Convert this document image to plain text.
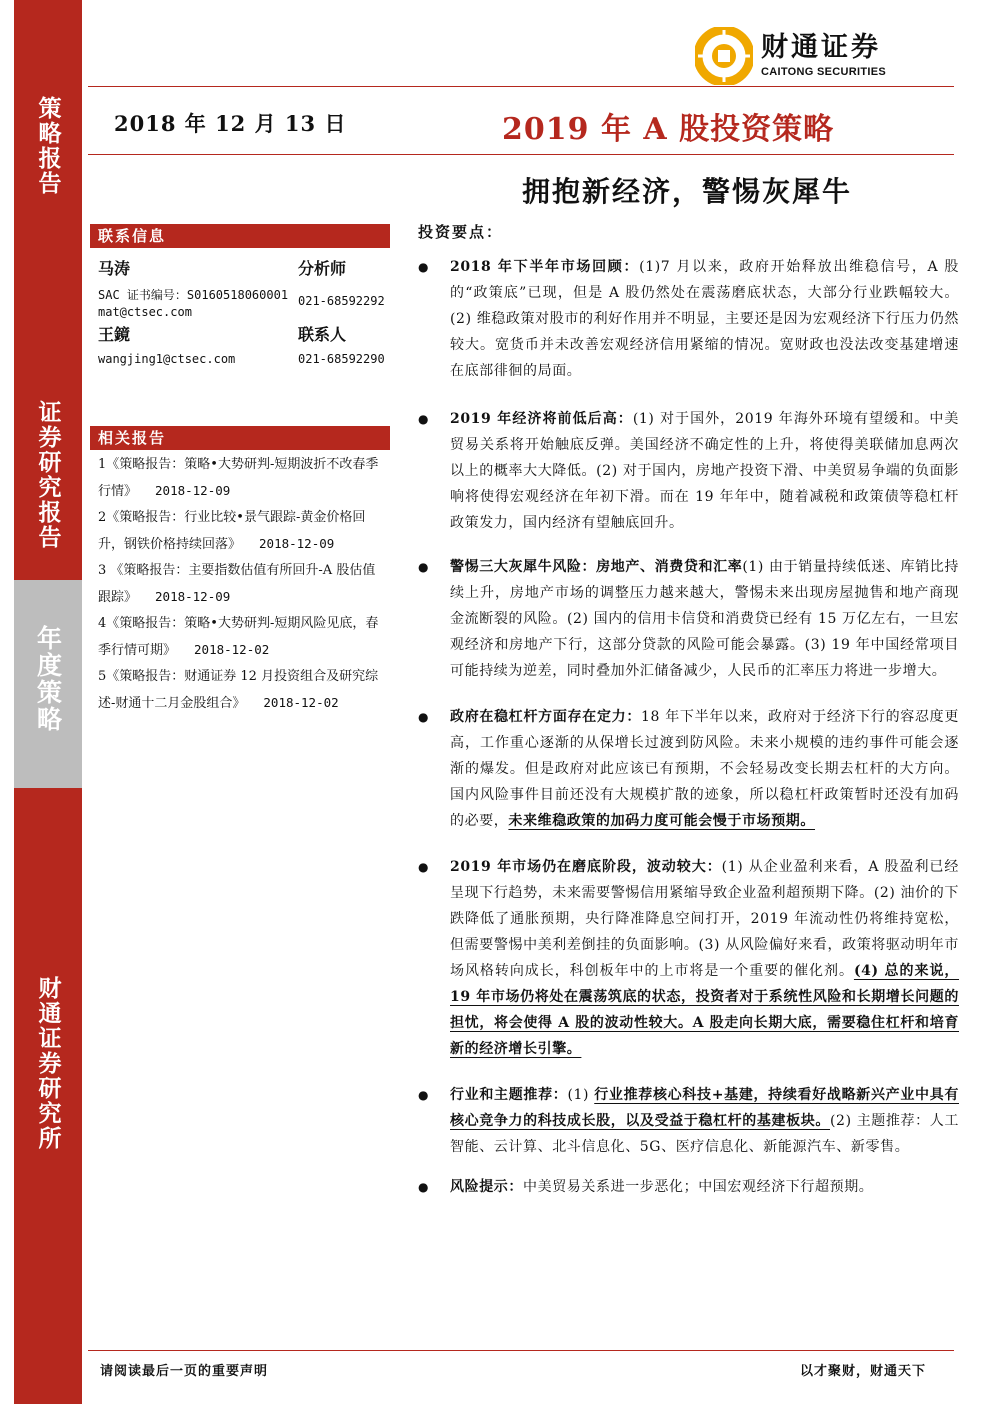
策略报告
证券研究报告
年度策略
财通证券研究所
财通证券
CAITONG SECURITIES
2018 年 12 月 13 日	2019 年 A 股投资策略
拥抱新经济，警惕灰犀牛
联系信息
马涛	分析师
SAC 证书编号：S0160518060001 021-68592292
mat@ctsec.com
王鏡	联系人
wangjing1@ctsec.com	021-68592290
相关报告
1《策略报告：策略•大势研判-短期波折不改春季行情》 2018-12-09
2《策略报告：行业比较•景气跟踪-黄金价格回升，钢铁价格持续回落》 2018-12-09
3 《策略报告：主要指数估值有所回升-A 股估值跟踪》 2018-12-09
4《策略报告：策略•大势研判-短期风险见底，春季行情可期》 2018-12-02
5《策略报告：财通证券 12 月投资组合及研究综述-财通十二月金股组合》 2018-12-02
投资要点：
● 2018 年下半年市场回顾：(1)7 月以来，政府开始释放出维稳信号，A 股的“政策底”已现，但是 A 股仍然处在震荡磨底状态，大部分行业跌幅较大。(2) 维稳政策对股市的利好作用并不明显，主要还是因为宏观经济下行压力仍然较大。宽货币并未改善宏观经济信用紧缩的情况。宽财政也没法改变基建增速在底部徘徊的局面。
● 2019 年经济将前低后高：(1) 对于国外，2019 年海外环境有望缓和。中美贸易关系将开始触底反弹。美国经济不确定性的上升，将使得美联储加息两次以上的概率大大降低。(2) 对于国内，房地产投资下滑、中美贸易争端的负面影响将使得宏观经济在年初下滑。而在 19 年年中，随着减税和政策债等稳杠杆政策发力，国内经济有望触底回升。
● 警惕三大灰犀牛风险：房地产、消费贷和汇率(1) 由于销量持续低迷、库销比持续上升，房地产市场的调整压力越来越大，警惕未来出现房屋抛售和地产商现金流断裂的风险。(2) 国内的信用卡信贷和消费贷已经有 15 万亿左右，一旦宏观经济和房地产下行，这部分贷款的风险可能会暴露。(3) 19 年中国经常项目可能持续为逆差，同时叠加外汇储备减少，人民币的汇率压力将进一步增大。
● 政府在稳杠杆方面存在定力：18 年下半年以来，政府对于经济下行的容忍度更高，工作重心逐渐的从保增长过渡到防风险。未来小规模的违约事件可能会逐渐的爆发。但是政府对此应该已有预期，不会轻易改变长期去杠杆的大方向。国内风险事件目前还没有大规模扩散的迹象，所以稳杠杆政策暂时还没有加码的必要，未来维稳政策的加码力度可能会慢于市场预期。
● 2019 年市场仍在磨底阶段，波动较大：(1) 从企业盈利来看，A 股盈利已经呈现下行趋势，未来需要警惕信用紧缩导致企业盈利超预期下降。(2) 油价的下跌降低了通胀预期，央行降准降息空间打开，2019 年流动性仍将维持宽松，但需要警惕中美利差倒挂的负面影响。(3) 从风险偏好来看，政策将驱动明年市场风格转向成长，科创板年中的上市将是一个重要的催化剂。(4) 总的来说，19 年市场仍将处在震荡筑底的状态，投资者对于系统性风险和长期增长问题的担忧，将会使得 A 股的波动性较大。A 股走向长期大底，需要稳住杠杆和培育新的经济增长引擎。
● 行业和主题推荐：(1) 行业推荐核心科技+基建，持续看好战略新兴产业中具有核心竞争力的科技成长股，以及受益于稳杠杆的基建板块。(2) 主题推荐：人工智能、云计算、北斗信息化、5G、医疗信息化、新能源汽车、新零售。
● 风险提示：中美贸易关系进一步恶化；中国宏观经济下行超预期。
请阅读最后一页的重要声明	以才聚财，财通天下
